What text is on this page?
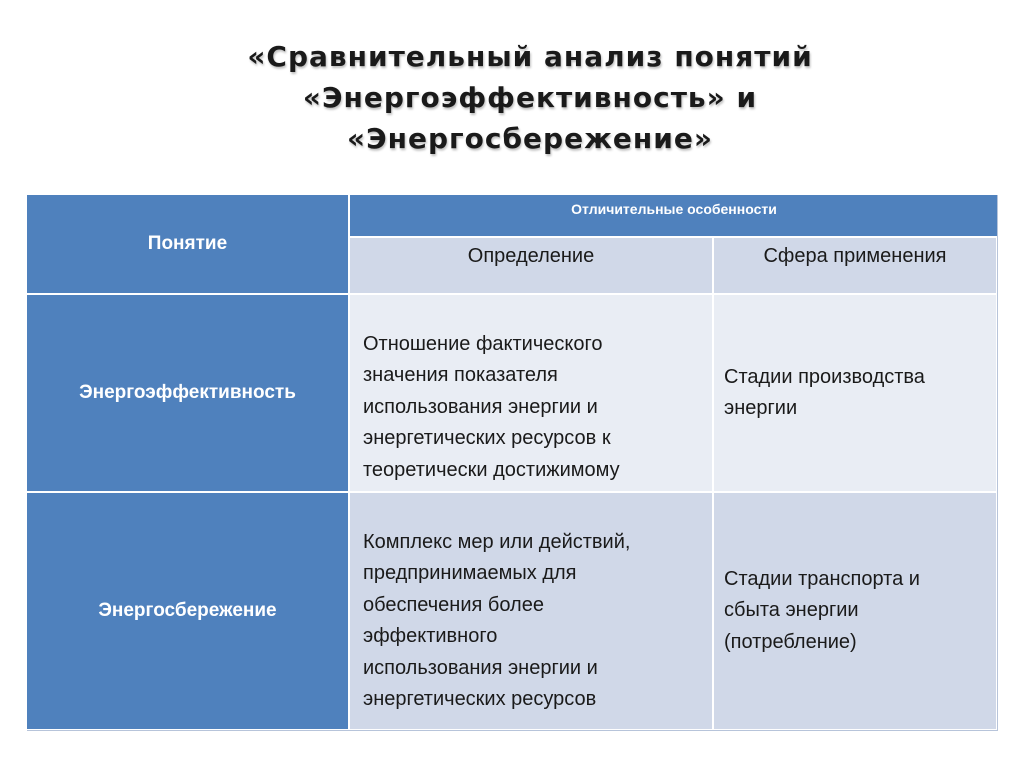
«Сравнительный анализ понятий
«Энергоэффективность» и
«Энергосбережение»
Понятие
Отличительные особенности
Определение	Сфера применения
Энергоэффективность

Отношение фактического
значения показателя
использования энергии и
энергетических ресурсов к
теоретически достижимому

Стадии производства
энергии
Энергосбережение

Комплекс мер или действий,
предпринимаемых для
обеспечения более
эффективного
использования энергии и
энергетических ресурсов

Стадии транспорта и
сбыта энергии
(потребление)
